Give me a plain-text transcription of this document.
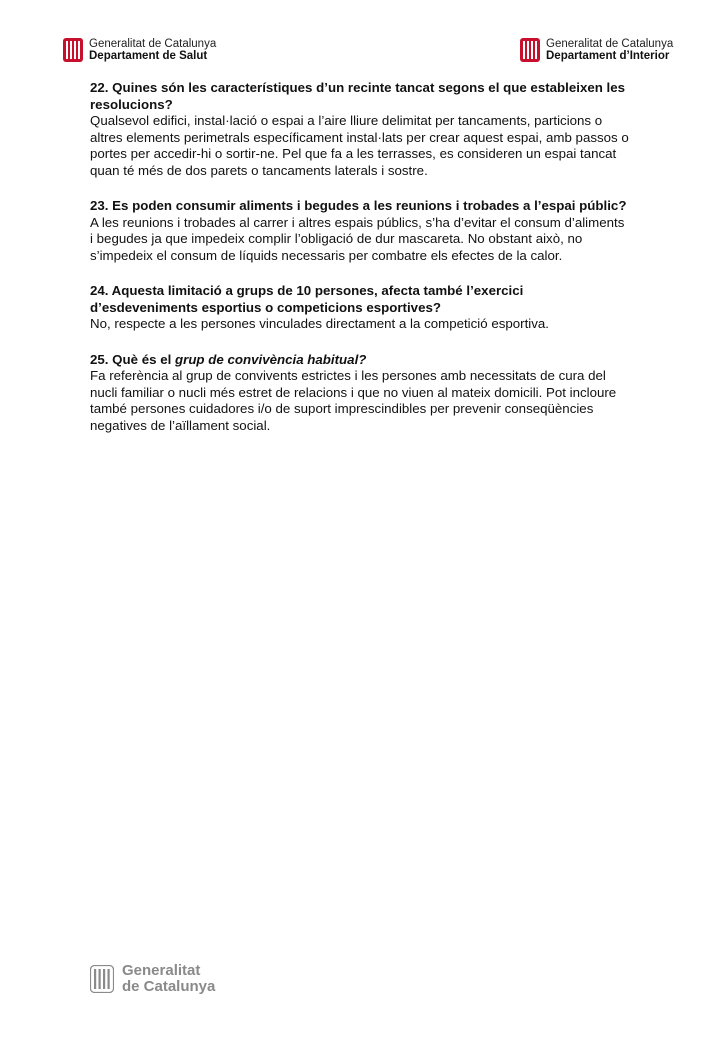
Generalitat de Catalunya
Departament de Salut
Generalitat de Catalunya
Departament d’Interior
22. Quines són les característiques d’un recinte tancat segons el que estableixen les resolucions?
Qualsevol edifici, instal·lació o espai a l’aire lliure delimitat per tancaments, particions o altres elements perimetrals específicament instal·lats per crear aquest espai, amb passos o portes per accedir-hi o sortir-ne. Pel que fa a les terrasses, es consideren un espai tancat quan té més de dos parets o tancaments laterals i sostre.
23. Es poden consumir aliments i begudes a les reunions i trobades a l’espai públic?
A les reunions i trobades al carrer i altres espais públics, s’ha d’evitar el consum d’aliments i begudes ja que impedeix complir l’obligació de dur mascareta. No obstant això, no s’impedeix el consum de líquids necessaris per combatre els efectes de la calor.
24. Aquesta limitació a grups de 10 persones, afecta també l’exercici d’esdeveniments esportius o competicions esportives?
No, respecte a les persones vinculades directament a la competició esportiva.
25. Què és el grup de convivència habitual?
Fa referència al grup de convivents estrictes i les persones amb necessitats de cura del nucli familiar o nucli més estret de relacions i que no viuen al mateix domicili. Pot incloure també persones cuidadores i/o de suport imprescindibles per prevenir conseqüències negatives de l’aïllament social.
Generalitat
de Catalunya
